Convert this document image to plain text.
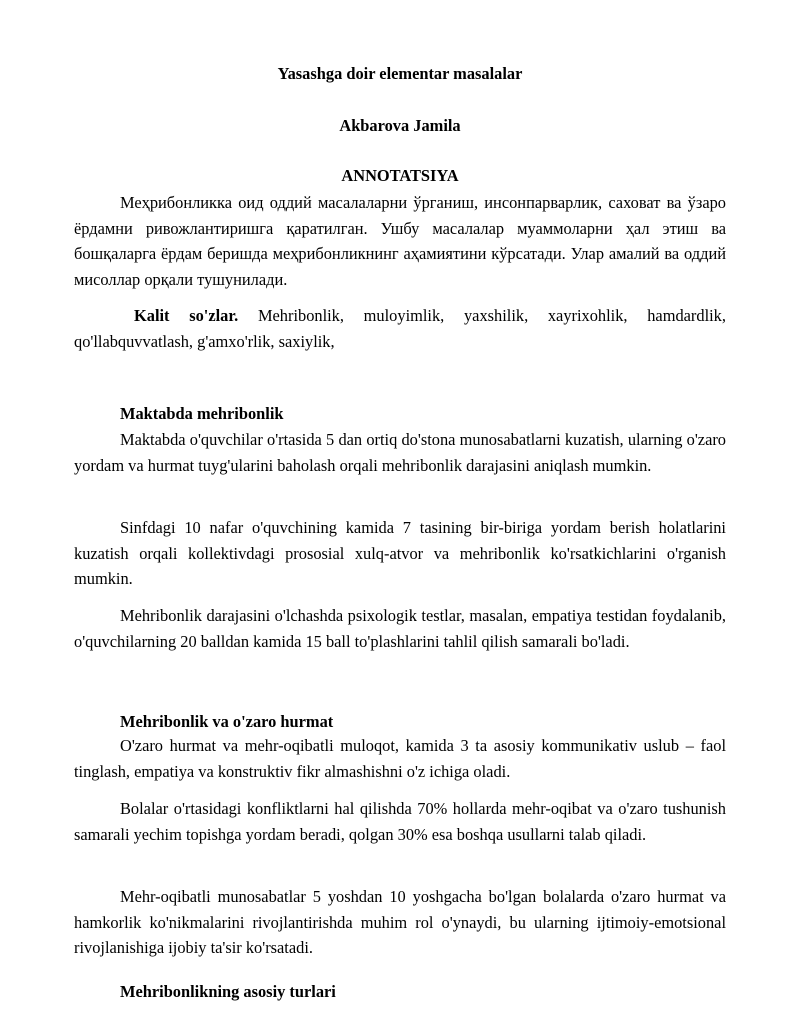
Yasashga doir elementar masalalar
Akbarova Jamila
ANNOTATSIYA

Меҳрибонликка оид оддий масалаларни ўрганиш, инсонпарварлик, саховат ва ўзаро ёрдамни ривожлантиришга қаратилган. Ушбу масалалар муаммоларни ҳал этиш ва бошқаларга ёрдам беришда меҳрибонликнинг аҳамиятини кўрсатади. Улар амалий ва оддий мисоллар орқали тушунилади.

Kalit so'zlar. Mehribonlik, muloyimlik, yaxshilik, xayrixohlik, hamdardlik, qo'llabquvvatlash, g'amxo'rlik, saxiylik,

Maktabda mehribonlik

Maktabda o'quvchilar o'rtasida 5 dan ortiq do'stona munosabatlarni kuzatish, ularning o'zaro yordam va hurmat tuyg'ularini baholash orqali mehribonlik darajasini aniqlash mumkin.

Sinfdagi 10 nafar o'quvchining kamida 7 tasining bir-biriga yordam berish holatlarini kuzatish orqali kollektivdagi prososial xulq-atvor va mehribonlik ko'rsatkichlarini o'rganish mumkin.

Mehribonlik darajasini o'lchashda psixologik testlar, masalan, empatiya testidan foydalanib, o'quvchilarning 20 balldan kamida 15 ball to'plashlarini tahlil qilish samarali bo'ladi.

Mehribonlik va o'zaro hurmat

O'zaro hurmat va mehr-oqibatli muloqot, kamida 3 ta asosiy kommunikativ uslub – faol tinglash, empatiya va konstruktiv fikr almashishni o'z ichiga oladi.

Bolalar o'rtasidagi konfliktlarni hal qilishda 70% hollarda mehr-oqibat va o'zaro tushunish samarali yechim topishga yordam beradi, qolgan 30% esa boshqa usullarni talab qiladi.

Mehr-oqibatli munosabatlar 5 yoshdan 10 yoshgacha bo'lgan bolalarda o'zaro hurmat va hamkorlik ko'nikmalarini rivojlantirishda muhim rol o'ynaydi, bu ularning ijtimoiy-emotsional rivojlanishiga ijobiy ta'sir ko'rsatadi.

Mehribonlikning asosiy turlari
